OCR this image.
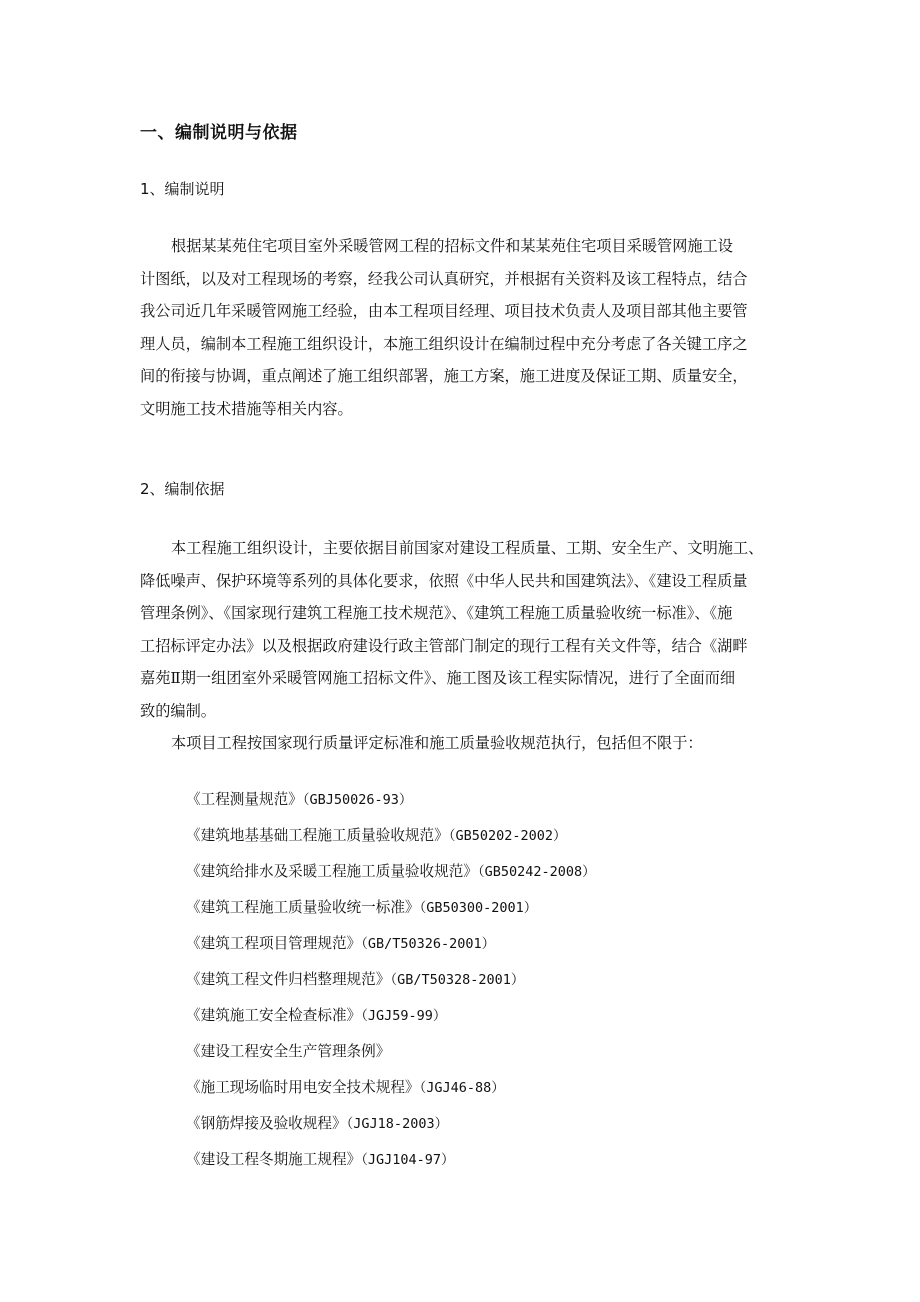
一、编制说明与依据
1、编制说明
根据某某苑住宅项目室外采暖管网工程的招标文件和某某苑住宅项目采暖管网施工设
计图纸，以及对工程现场的考察，经我公司认真研究，并根据有关资料及该工程特点，结合
我公司近几年采暖管网施工经验，由本工程项目经理、项目技术负责人及项目部其他主要管
理人员，编制本工程施工组织设计，本施工组织设计在编制过程中充分考虑了各关键工序之
间的衔接与协调，重点阐述了施工组织部署，施工方案，施工进度及保证工期、质量安全，
文明施工技术措施等相关内容。
2、编制依据
本工程施工组织设计，主要依据目前国家对建设工程质量、工期、安全生产、文明施工、
降低噪声、保护环境等系列的具体化要求，依照《中华人民共和国建筑法》、《建设工程质量
管理条例》、《国家现行建筑工程施工技术规范》、《建筑工程施工质量验收统一标准》、《施
工招标评定办法》以及根据政府建设行政主管部门制定的现行工程有关文件等，结合《湖畔
嘉苑Ⅱ期一组团室外采暖管网施工招标文件》、施工图及该工程实际情况，进行了全面而细
致的编制。
本项目工程按国家现行质量评定标准和施工质量验收规范执行，包括但不限于：
《工程测量规范》（GBJ50026-93）
《建筑地基基础工程施工质量验收规范》（GB50202-2002）
《建筑给排水及采暖工程施工质量验收规范》（GB50242-2008）
《建筑工程施工质量验收统一标准》（GB50300-2001）
《建筑工程项目管理规范》（GB/T50326-2001）
《建筑工程文件归档整理规范》（GB/T50328-2001）
《建筑施工安全检查标准》（JGJ59-99）
《建设工程安全生产管理条例》
《施工现场临时用电安全技术规程》（JGJ46-88）
《钢筋焊接及验收规程》（JGJ18-2003）
《建设工程冬期施工规程》（JGJ104-97）
